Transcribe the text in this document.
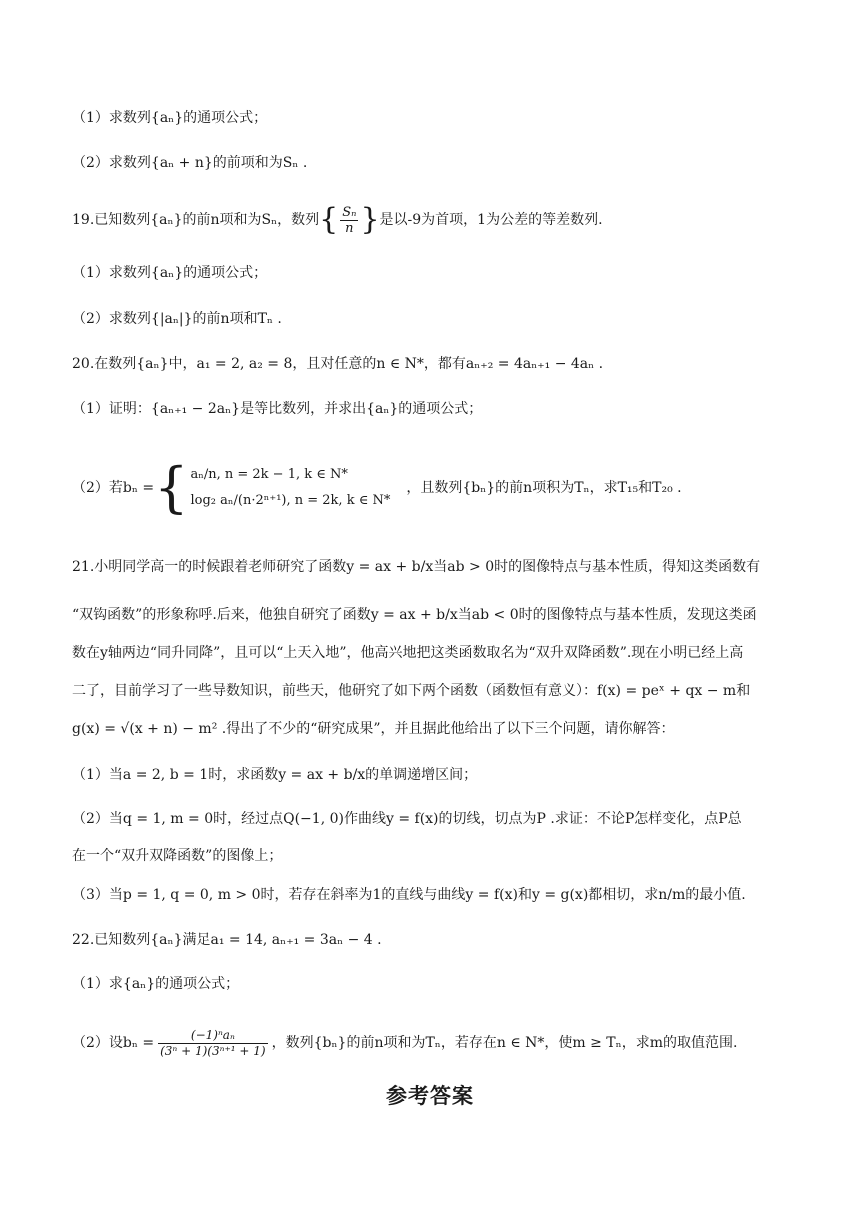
（1）求数列{aₙ}的通项公式；
（2）求数列{aₙ + n}的前项和为Sₙ .
19.已知数列{aₙ}的前n项和为Sₙ，数列{ $\frac{\text{Sₙ}}{n}$ }是以-9为首项，1为公差的等差数列.
（1）求数列{aₙ}的通项公式；
（2）求数列{|aₙ|}的前n项和Tₙ .
20.在数列{aₙ}中，a₁ = 2, a₂ = 8，且对任意的n ∈ N*，都有aₙ₊₂ = 4aₙ₊₁ − 4aₙ .
（1）证明：{aₙ₊₁ − 2aₙ}是等比数列，并求出{aₙ}的通项公式；
（2）若bₙ = { aₙ/n, n = 2k − 1, k ∈ N*
log₂ aₙ/(n·2ⁿ⁺¹), n = 2k, k ∈ N*
，且数列{bₙ}的前n项积为Tₙ，求T₁₅和T₂₀ .
21.小明同学高一的时候跟着老师研究了函数y = ax + b/x当ab > 0时的图像特点与基本性质，得知这类函数有
“双钩函数”的形象称呼.后来，他独自研究了函数y = ax + b/x当ab < 0时的图像特点与基本性质，发现这类函
数在y轴两边“同升同降”，且可以“上天入地”，他高兴地把这类函数取名为“双升双降函数”.现在小明已经上高
二了，目前学习了一些导数知识，前些天，他研究了如下两个函数（函数恒有意义）：f(x) = peˣ + qx − m和
g(x) = √(x + n) − m² .得出了不少的“研究成果”，并且据此他给出了以下三个问题，请你解答：
（1）当a = 2, b = 1时，求函数y = ax + b/x的单调递增区间；
（2）当q = 1, m = 0时，经过点Q(−1, 0)作曲线y = f(x)的切线，切点为P .求证：不论P怎样变化，点P总
在一个“双升双降函数”的图像上；
（3）当p = 1, q = 0, m > 0时，若存在斜率为1的直线与曲线y = f(x)和y = g(x)都相切，求n/m的最小值.
22.已知数列{aₙ}满足a₁ = 14, aₙ₊₁ = 3aₙ − 4 .
（1）求{aₙ}的通项公式；
（2）设$b_n = \frac{\text{(−1)ⁿaₙ}}{\text{(3ⁿ + 1)(3ⁿ⁺¹ + 1)}}$ ，数列{bₙ}的前n项和为Tₙ，若存在n ∈ N*，使m ≥ Tₙ，求m的取值范围.
参考答案
